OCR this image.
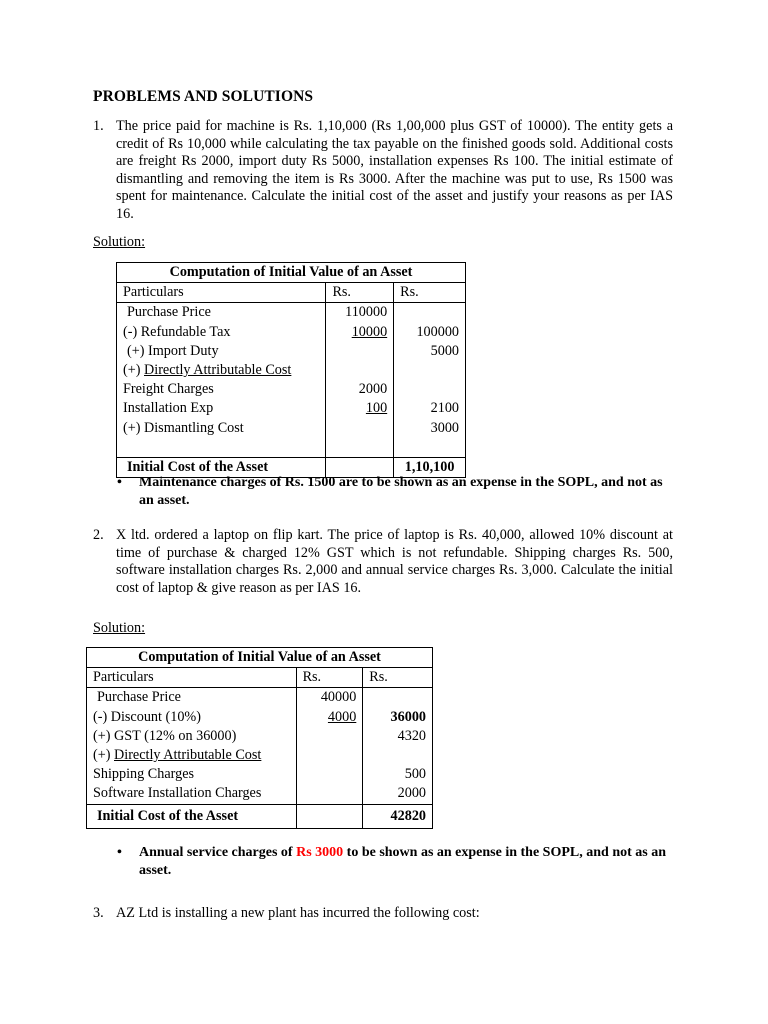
PROBLEMS AND SOLUTIONS
1. The price paid for machine is Rs. 1,10,000 (Rs 1,00,000 plus GST of 10000). The entity gets a credit of Rs 10,000 while calculating the tax payable on the finished goods sold. Additional costs are freight Rs 2000, import duty Rs 5000, installation expenses Rs 100. The initial estimate of dismantling and removing the item is Rs 3000. After the machine was put to use, Rs 1500 was spent for maintenance. Calculate the initial cost of the asset and justify your reasons as per IAS 16.
Solution:
Computation of Initial Value of an Asset		
Particulars	Rs.	Rs.
Purchase Price	110000	
(-) Refundable Tax	10000	100000
(+) Import Duty		5000
(+) Directly Attributable Cost		
Freight Charges	2000	
Installation Exp	100	2100
(+) Dismantling Cost		3000

Initial Cost of the Asset		1,10,100
• Maintenance charges of Rs. 1500 are to be shown as an expense in the SOPL, and not as an asset.
2. X ltd. ordered a laptop on flip kart. The price of laptop is Rs. 40,000, allowed 10% discount at time of purchase & charged 12% GST which is not refundable. Shipping charges Rs. 500, software installation charges Rs. 2,000 and annual service charges Rs. 3,000. Calculate the initial cost of laptop & give reason as per IAS 16.
Solution:
Computation of Initial Value of an Asset		
Particulars	Rs.	Rs.
Purchase Price	40000	
(-) Discount (10%)	4000	36000
(+) GST (12% on 36000)		4320
(+) Directly Attributable Cost		
Shipping Charges		500
Software Installation Charges		2000
Initial Cost of the Asset		42820
• Annual service charges of Rs 3000 to be shown as an expense in the SOPL, and not as an asset.
3. AZ Ltd is installing a new plant has incurred the following cost:
